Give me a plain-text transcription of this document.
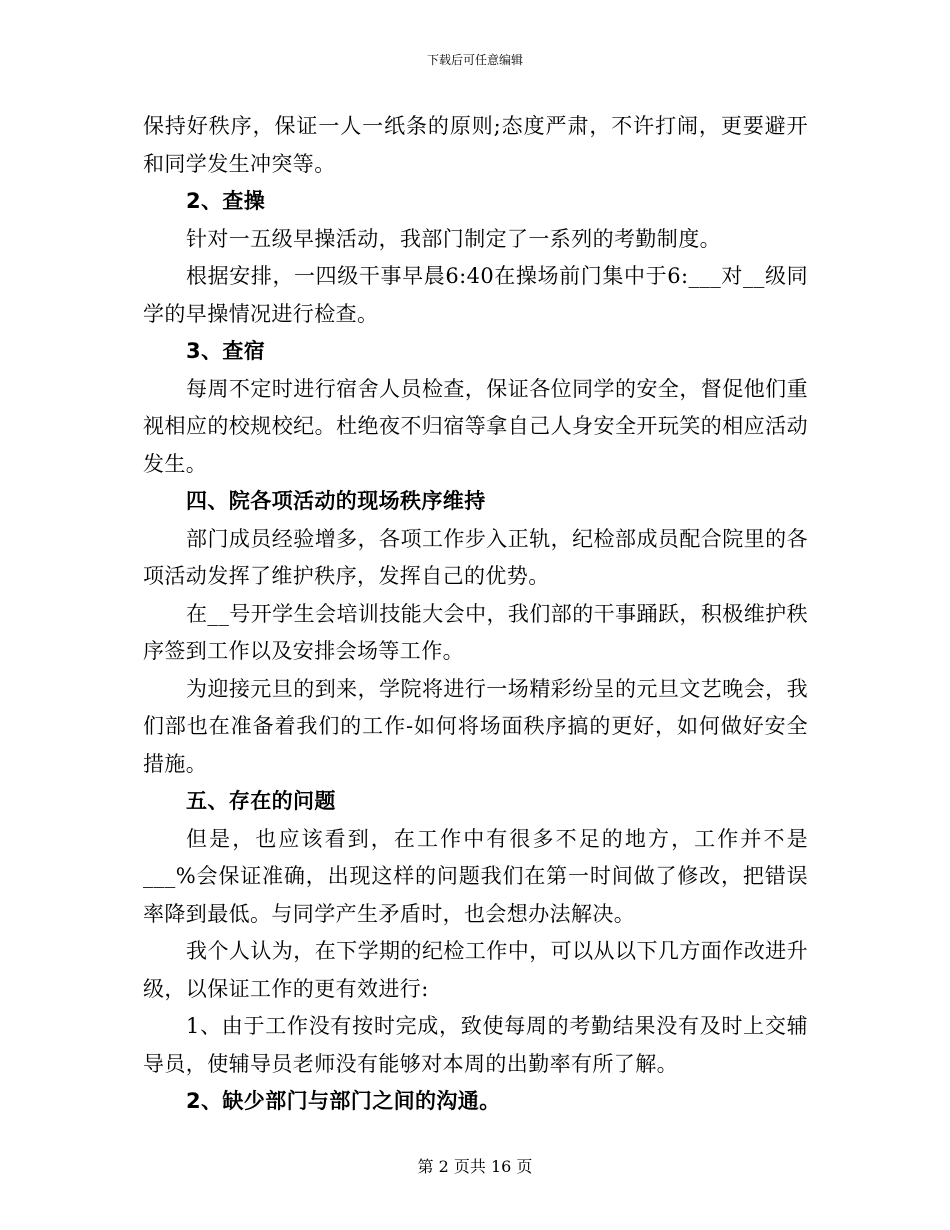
下载后可任意编辑

保持好秩序，保证一人一纸条的原则;态度严肃，不许打闹，更要避开和同学发生冲突等。

2、查操

针对一五级早操活动，我部门制定了一系列的考勤制度。

根据安排，一四级干事早晨6:40在操场前门集中于6:___对__级同学的早操情况进行检查。

3、查宿

每周不定时进行宿舍人员检查，保证各位同学的安全，督促他们重视相应的校规校纪。杜绝夜不归宿等拿自己人身安全开玩笑的相应活动发生。

四、院各项活动的现场秩序维持

部门成员经验增多，各项工作步入正轨，纪检部成员配合院里的各项活动发挥了维护秩序，发挥自己的优势。

在__号开学生会培训技能大会中，我们部的干事踊跃，积极维护秩序签到工作以及安排会场等工作。

为迎接元旦的到来，学院将进行一场精彩纷呈的元旦文艺晚会，我们部也在准备着我们的工作-如何将场面秩序搞的更好，如何做好安全措施。

五、存在的问题

但是，也应该看到，在工作中有很多不足的地方，工作并不是___%会保证准确，出现这样的问题我们在第一时间做了修改，把错误率降到最低。与同学产生矛盾时，也会想办法解决。

我个人认为，在下学期的纪检工作中，可以从以下几方面作改进升级，以保证工作的更有效进行:

1、由于工作没有按时完成，致使每周的考勤结果没有及时上交辅导员，使辅导员老师没有能够对本周的出勤率有所了解。

2、缺少部门与部门之间的沟通。

第 2 页共 16 页
